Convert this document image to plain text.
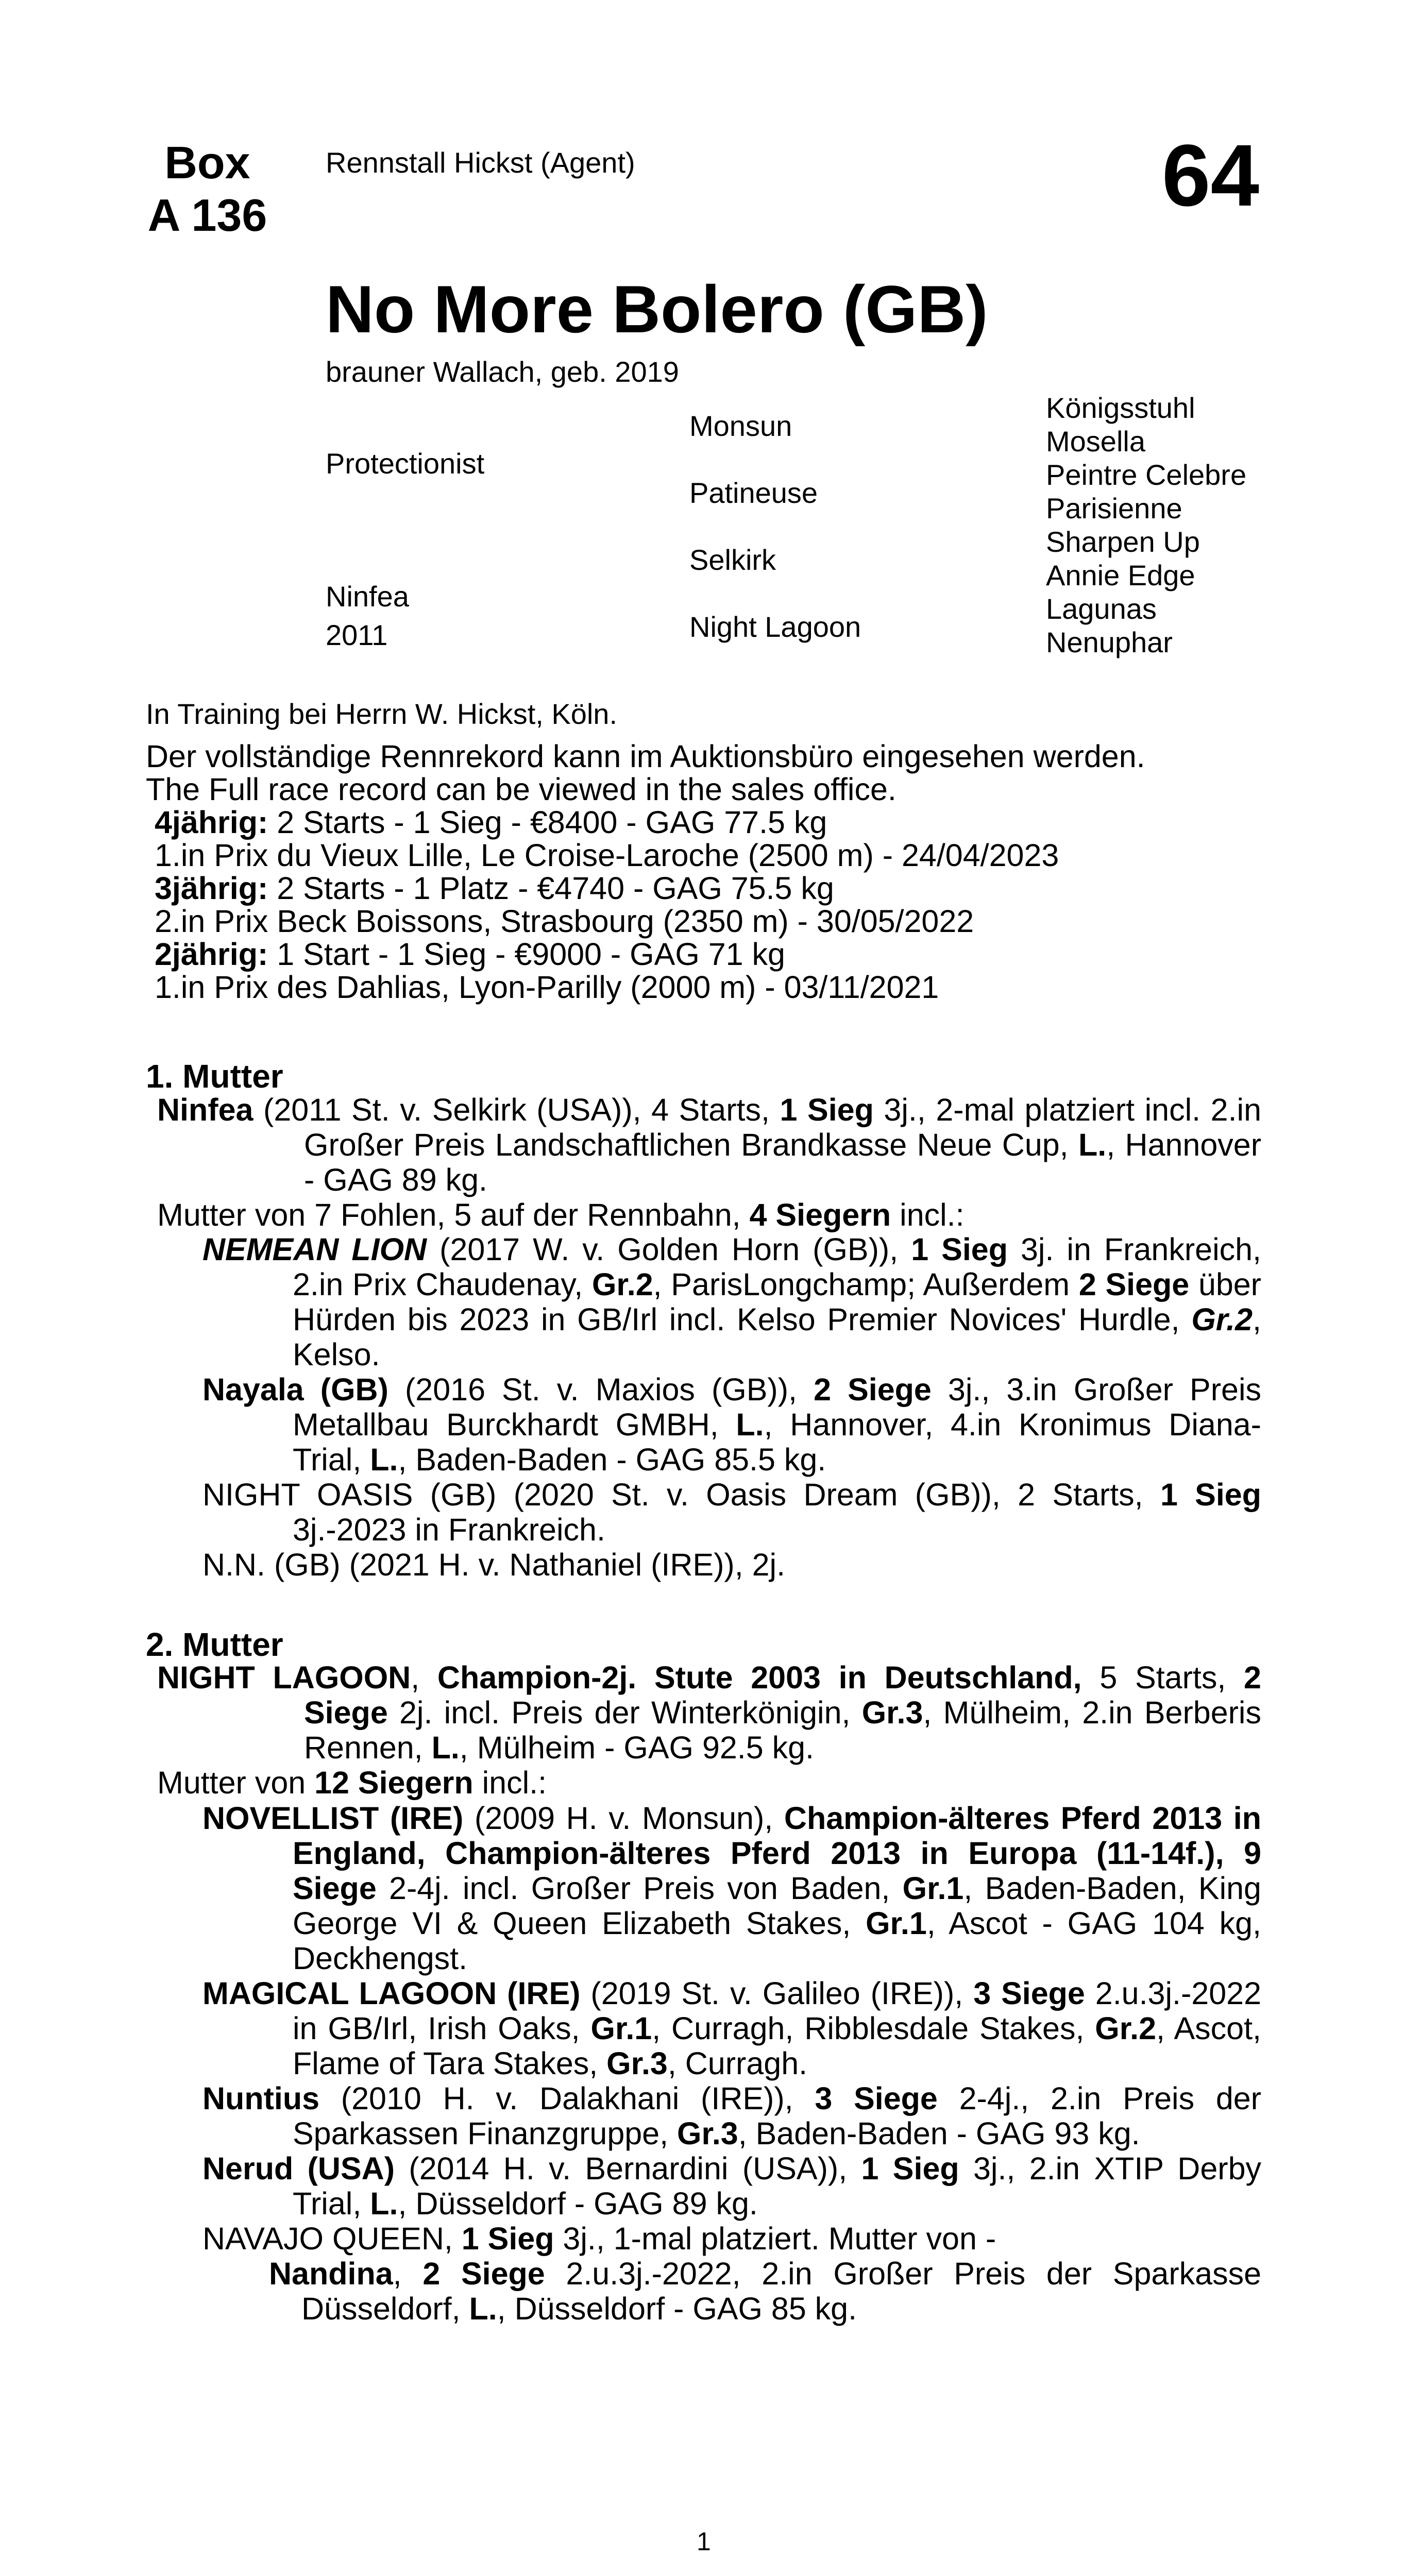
Box
A 136
Rennstall Hickst (Agent)	64
No More Bolero (GB)
brauner Wallach, geb. 2019
Protectionist
Ninfea
2011
Monsun
Patineuse
Selkirk
Night Lagoon
Königsstuhl
Mosella
Peintre Celebre
Parisienne
Sharpen Up
Annie Edge
Lagunas
Nenuphar
In Training bei Herrn W. Hickst, Köln.

Der vollständige Rennrekord kann im Auktionsbüro eingesehen werden.

The Full race record can be viewed in the sales office.

4jährig: 2 Starts - 1 Sieg - €8400 - GAG 77.5 kg

1.in Prix du Vieux Lille, Le Croise-Laroche (2500 m) - 24/04/2023

3jährig: 2 Starts - 1 Platz - €4740 - GAG 75.5 kg

2.in Prix Beck Boissons, Strasbourg (2350 m) - 30/05/2022

2jährig: 1 Start - 1 Sieg - €9000 - GAG 71 kg

1.in Prix des Dahlias, Lyon-Parilly (2000 m) - 03/11/2021

1. Mutter

Ninfea (2011 St. v. Selkirk (USA)), 4 Starts, 1 Sieg 3j., 2-mal platziert incl. 2.in Großer Preis Landschaftlichen Brandkasse Neue Cup, L., Hannover - GAG 89 kg.

Mutter von 7 Fohlen, 5 auf der Rennbahn, 4 Siegern incl.:

NEMEAN LION (2017 W. v. Golden Horn (GB)), 1 Sieg 3j. in Frankreich, 2.in Prix Chaudenay, Gr.2, ParisLongchamp; Außerdem 2 Siege über Hürden bis 2023 in GB/Irl incl. Kelso Premier Novices' Hurdle, Gr.2, Kelso.

Nayala (GB) (2016 St. v. Maxios (GB)), 2 Siege 3j., 3.in Großer Preis Metallbau Burckhardt GMBH, L., Hannover, 4.in Kronimus Diana-Trial, L., Baden-Baden - GAG 85.5 kg.

NIGHT OASIS (GB) (2020 St. v. Oasis Dream (GB)), 2 Starts, 1 Sieg 3j.-2023 in Frankreich.

N.N. (GB) (2021 H. v. Nathaniel (IRE)), 2j.

2. Mutter

NIGHT LAGOON, Champion-2j. Stute 2003 in Deutschland, 5 Starts, 2 Siege 2j. incl. Preis der Winterkönigin, Gr.3, Mülheim, 2.in Berberis Rennen, L., Mülheim - GAG 92.5 kg.

Mutter von 12 Siegern incl.:

NOVELLIST (IRE) (2009 H. v. Monsun), Champion-älteres Pferd 2013 in England, Champion-älteres Pferd 2013 in Europa (11-14f.), 9 Siege 2-4j. incl. Großer Preis von Baden, Gr.1, Baden-Baden, King George VI & Queen Elizabeth Stakes, Gr.1, Ascot - GAG 104 kg, Deckhengst.

MAGICAL LAGOON (IRE) (2019 St. v. Galileo (IRE)), 3 Siege 2.u.3j.-2022 in GB/Irl, Irish Oaks, Gr.1, Curragh, Ribblesdale Stakes, Gr.2, Ascot, Flame of Tara Stakes, Gr.3, Curragh.

Nuntius (2010 H. v. Dalakhani (IRE)), 3 Siege 2-4j., 2.in Preis der Sparkassen Finanzgruppe, Gr.3, Baden-Baden - GAG 93 kg.

Nerud (USA) (2014 H. v. Bernardini (USA)), 1 Sieg 3j., 2.in XTIP Derby Trial, L., Düsseldorf - GAG 89 kg.

NAVAJO QUEEN, 1 Sieg 3j., 1-mal platziert. Mutter von -

Nandina, 2 Siege 2.u.3j.-2022, 2.in Großer Preis der Sparkasse Düsseldorf, L., Düsseldorf - GAG 85 kg.

1
